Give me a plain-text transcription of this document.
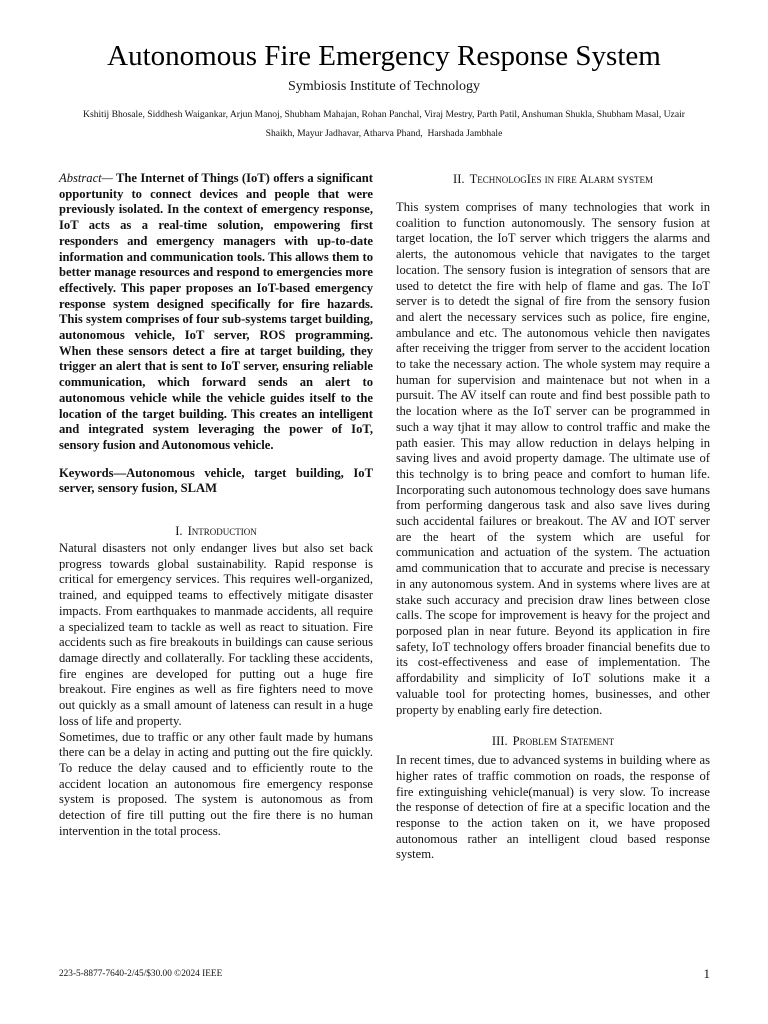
Autonomous Fire Emergency Response System
Symbiosis Institute of Technology
Kshitij Bhosale, Siddhesh Waigankar, Arjun Manoj, Shubham Mahajan, Rohan Panchal, Viraj Mestry, Parth Patil, Anshuman Shukla, Shubham Masal, Uzair
Shaikh, Mayur Jadhavar, Atharva Phand,  Harshada Jambhale

Abstract— The Internet of Things (IoT) offers a significant opportunity to connect devices and people that were previously isolated. In the context of emergency response, IoT acts as a real-time solution, empowering first responders and emergency managers with up-to-date information and communication tools. This allows them to better manage resources and respond to emergencies more effectively. This paper proposes an IoT-based emergency response system designed specifically for fire hazards. This system comprises of four sub-systems target building, autonomous vehicle, IoT server, ROS programming. When these sensors detect a fire at target building, they trigger an alert that is sent to IoT server, ensuring reliable communication, which forward sends an alert to autonomous vehicle while the vehicle guides itself to the location of the target building. This creates an intelligent and integrated system leveraging the power of IoT, sensory fusion and Autonomous vehicle.

Keywords—Autonomous vehicle, target building, IoT server, sensory fusion, SLAM

I. Introduction

Natural disasters not only endanger lives but also set back progress towards global sustainability. Rapid response is critical for emergency services. This requires well-organized, trained, and equipped teams to effectively mitigate disaster impacts. From earthquakes to manmade accidents, all require a specialized team to tackle as well as react to situation. Fire accidents such as fire breakouts in buildings can cause serious damage directly and collaterally. For tackling these accidents, fire engines are developed for putting out a huge fire breakout. Fire engines as well as fire fighters need to move out quickly as a small amount of lateness can result in a huge loss of life and property.

Sometimes, due to traffic or any other fault made by humans there can be a delay in acting and putting out the fire quickly. To reduce the delay caused and to efficiently route to the accident location an autonomous fire emergency response system is proposed. The system is autonomous as from detection of fire till putting out the fire there is no human intervention in the total process.

II. TechnologIes in fire Alarm system

This system comprises of many technologies that work in coalition to function autonomously. The sensory fusion at target location, the IoT server which triggers the alarms and alerts, the autonomous vehicle that navigates to the target location. The sensory fusion is integration of sensors that are used to detetct the fire with help of flame and gas. The IoT server is to detedt the signal of fire from the sensory fusion and alert the necessary services such as police, fire engine, ambulance and etc. The autonomous vehicle then navigates after receiving the trigger from server to the accident location to take the necessary action. The whole system may require a human for supervision and maintenace but not when in a pursuit. The AV itself can route and find best possible path to the location where as the IoT server can be programmed in such a way tjhat it may allow to control traffic and make the path easier. This may allow reduction in delays helping in saving lives and avoid property damage. The ultimate use of this technolgy is to bring peace and comfort to human life. Incorporating such autonomous technology does save humans from performing dangerous task and also save lives during such accidental failures or breakout. The AV and IOT server are the heart of the system which are useful for communication and actuation of the system. The actuation amd communication that to accurate and precise is necessary in any autonomous system. And in systems where lives are at stake such accuracy and precision draw lines between close calls. The scope for improvement is heavy for the project and porposed plan in near future. Beyond its application in fire safety, IoT technology offers broader financial benefits due to its cost-effectiveness and ease of implementation. The affordability and simplicity of IoT solutions make it a valuable tool for protecting homes, businesses, and other property by enabling early fire detection.

III. Problem Statement

In recent times, due to advanced systems in building where as higher rates of traffic commotion on roads, the response of fire extinguishing vehicle(manual) is very slow. To increase the response of detection of fire at a specific location and the response to the action taken on it, we have proposed autonomous rather an intelligent cloud based response system.

223-5-8877-7640-2/45/$30.00 ©2024 IEEE	1
